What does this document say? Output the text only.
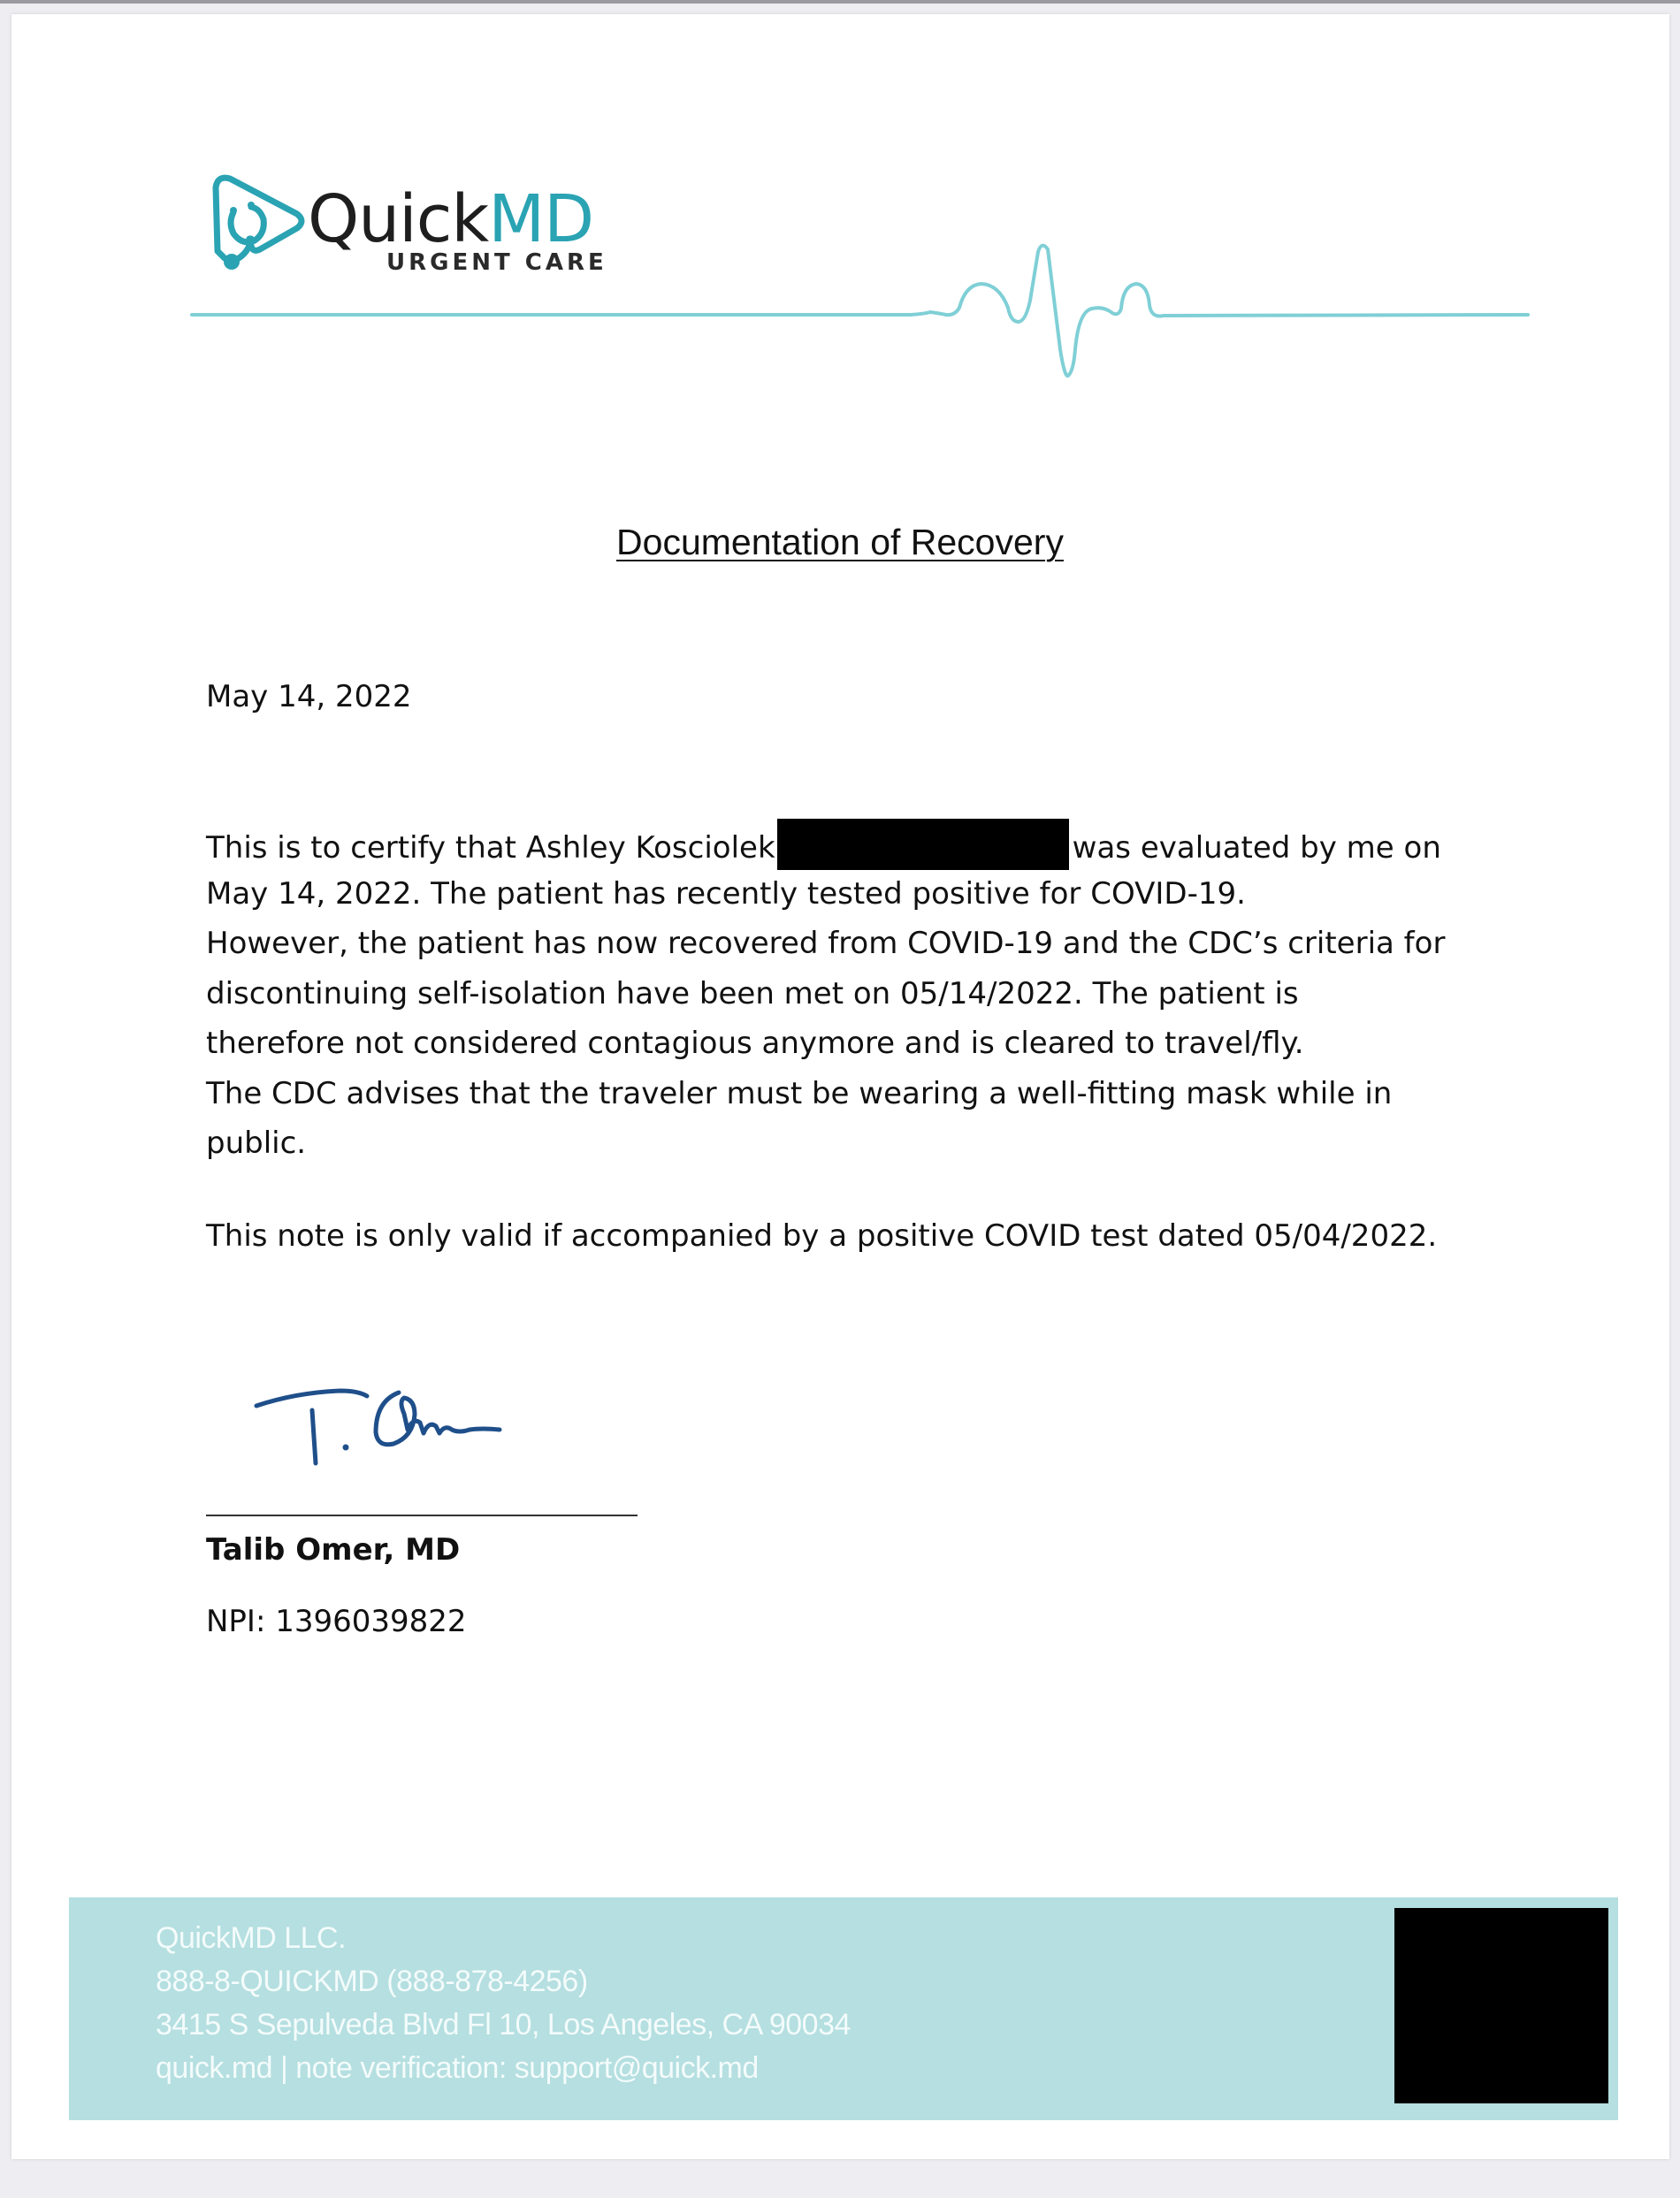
QuickMD
URGENT CARE
Documentation of Recovery
May 14, 2022
This is to certify that Ashley Kosciolek	was evaluated by me on
May 14, 2022. The patient has recently tested positive for COVID-19.
However, the patient has now recovered from COVID-19 and the CDC’s criteria for
discontinuing self-isolation have been met on 05/14/2022. The patient is
therefore not considered contagious anymore and is cleared to travel/fly.
The CDC advises that the traveler must be wearing a well-fitting mask while in
public.
This note is only valid if accompanied by a positive COVID test dated 05/04/2022.
Talib Omer, MD
NPI: 1396039822
QuickMD LLC.
888-8-QUICKMD (888-878-4256)
3415 S Sepulveda Blvd Fl 10, Los Angeles, CA 90034
quick.md | note verification: support@quick.md
